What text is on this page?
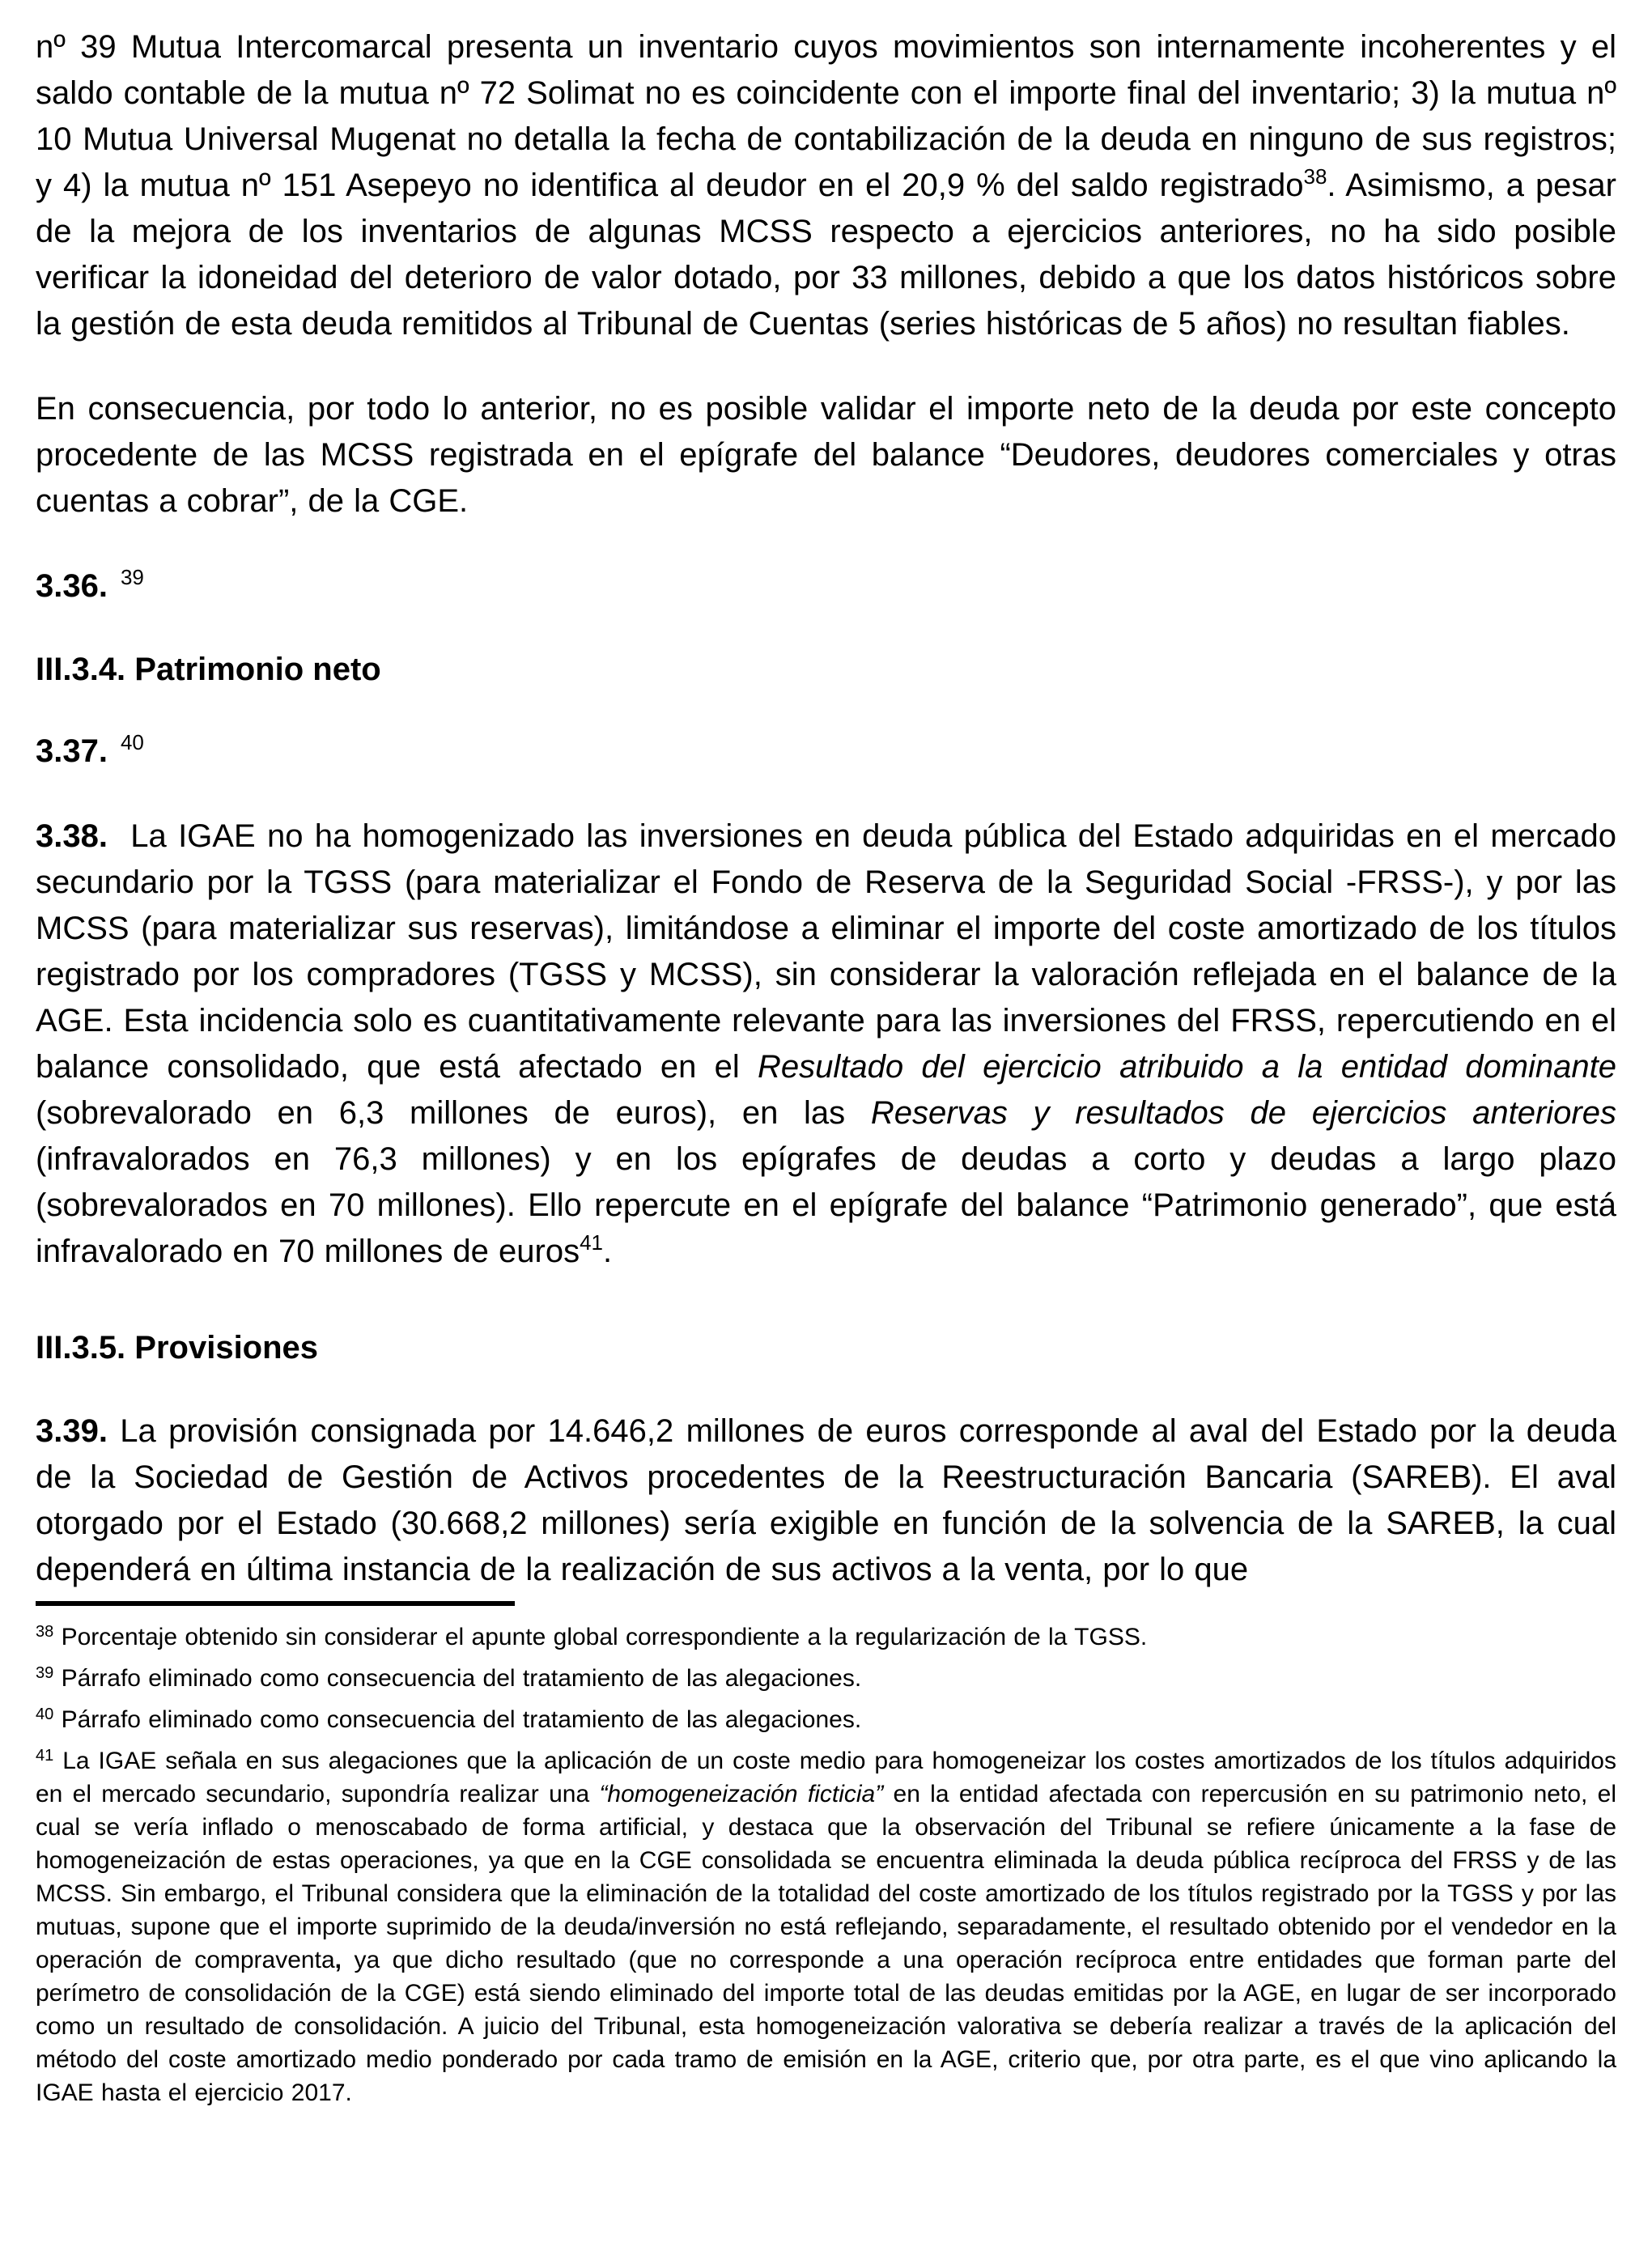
nº 39 Mutua Intercomarcal presenta un inventario cuyos movimientos son internamente incoherentes y el saldo contable de la mutua nº 72 Solimat no es coincidente con el importe final del inventario; 3) la mutua nº 10 Mutua Universal Mugenat no detalla la fecha de contabilización de la deuda en ninguno de sus registros; y 4) la mutua nº 151 Asepeyo no identifica al deudor en el 20,9 % del saldo registrado$^{38}$. Asimismo, a pesar de la mejora de los inventarios de algunas MCSS respecto a ejercicios anteriores, no ha sido posible verificar la idoneidad del deterioro de valor dotado, por 33 millones, debido a que los datos históricos sobre la gestión de esta deuda remitidos al Tribunal de Cuentas (series históricas de 5 años) no resultan fiables.

En consecuencia, por todo lo anterior, no es posible validar el importe neto de la deuda por este concepto procedente de las MCSS registrada en el epígrafe del balance “Deudores, deudores comerciales y otras cuentas a cobrar”, de la CGE.

3.36. $^{39}$

III.3.4. Patrimonio neto

3.37. $^{40}$

3.38. La IGAE no ha homogenizado las inversiones en deuda pública del Estado adquiridas en el mercado secundario por la TGSS (para materializar el Fondo de Reserva de la Seguridad Social -FRSS-), y por las MCSS (para materializar sus reservas), limitándose a eliminar el importe del coste amortizado de los títulos registrado por los compradores (TGSS y MCSS), sin considerar la valoración reflejada en el balance de la AGE. Esta incidencia solo es cuantitativamente relevante para las inversiones del FRSS, repercutiendo en el balance consolidado, que está afectado en el Resultado del ejercicio atribuido a la entidad dominante (sobrevalorado en 6,3 millones de euros), en las Reservas y resultados de ejercicios anteriores (infravalorados en 76,3 millones) y en los epígrafes de deudas a corto y deudas a largo plazo (sobrevalorados en 70 millones). Ello repercute en el epígrafe del balance “Patrimonio generado”, que está infravalorado en 70 millones de euros$^{41}$.

III.3.5. Provisiones

3.39. La provisión consignada por 14.646,2 millones de euros corresponde al aval del Estado por la deuda de la Sociedad de Gestión de Activos procedentes de la Reestructuración Bancaria (SAREB). El aval otorgado por el Estado (30.668,2 millones) sería exigible en función de la solvencia de la SAREB, la cual dependerá en última instancia de la realización de sus activos a la venta, por lo que

$^{38}$ Porcentaje obtenido sin considerar el apunte global correspondiente a la regularización de la TGSS.
$^{39}$ Párrafo eliminado como consecuencia del tratamiento de las alegaciones.
$^{40}$ Párrafo eliminado como consecuencia del tratamiento de las alegaciones.
$^{41}$ La IGAE señala en sus alegaciones que la aplicación de un coste medio para homogeneizar los costes amortizados de los títulos adquiridos en el mercado secundario, supondría realizar una “homogeneización ficticia” en la entidad afectada con repercusión en su patrimonio neto, el cual se vería inflado o menoscabado de forma artificial, y destaca que la observación del Tribunal se refiere únicamente a la fase de homogeneización de estas operaciones, ya que en la CGE consolidada se encuentra eliminada la deuda pública recíproca del FRSS y de las MCSS. Sin embargo, el Tribunal considera que la eliminación de la totalidad del coste amortizado de los títulos registrado por la TGSS y por las mutuas, supone que el importe suprimido de la deuda/inversión no está reflejando, separadamente, el resultado obtenido por el vendedor en la operación de compraventa, ya que dicho resultado (que no corresponde a una operación recíproca entre entidades que forman parte del perímetro de consolidación de la CGE) está siendo eliminado del importe total de las deudas emitidas por la AGE, en lugar de ser incorporado como un resultado de consolidación. A juicio del Tribunal, esta homogeneización valorativa se debería realizar a través de la aplicación del método del coste amortizado medio ponderado por cada tramo de emisión en la AGE, criterio que, por otra parte, es el que vino aplicando la IGAE hasta el ejercicio 2017.
